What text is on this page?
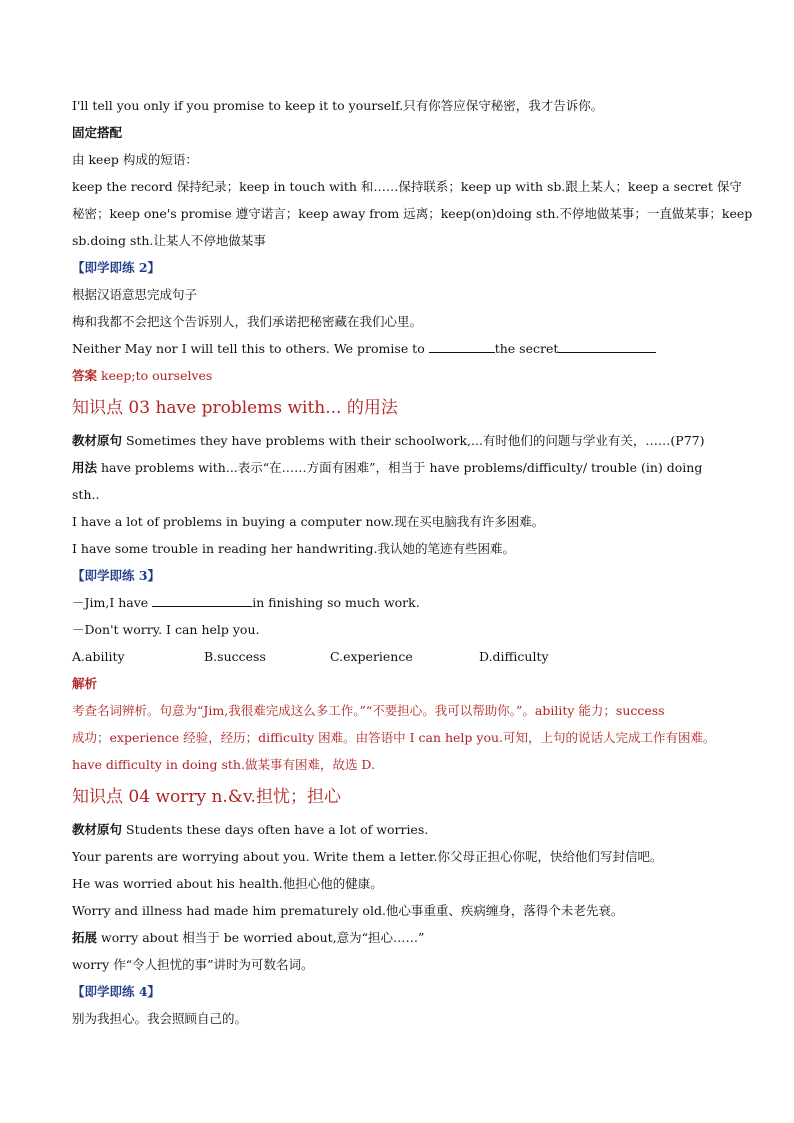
I'll tell you only if you promise to keep it to yourself.只有你答应保守秘密，我才告诉你。
固定搭配
由 keep 构成的短语：
keep the record 保持纪录；keep in touch with 和……保持联系；keep up with sb.跟上某人；keep a secret 保守
秘密；keep one's promise 遵守诺言；keep away from 远离；keep(on)doing sth.不停地做某事；一直做某事；keep
sb.doing sth.让某人不停地做某事
【即学即练 2】
根据汉语意思完成句子
梅和我都不会把这个告诉别人，我们承诺把秘密藏在我们心里。
Neither May nor I will tell this to others. We promise to	the secret
答案 keep;to ourselves
知识点 03 have problems with... 的用法
教材原句 Sometimes they have problems with their schoolwork,...有时他们的问题与学业有关，……(P77)
用法 have problems with...表示“在……方面有困难”，相当于 have problems/difficulty/ trouble (in) doing
sth..
I have a lot of problems in buying a computer now.现在买电脑我有许多困难。
I have some trouble in reading her handwriting.我认她的笔迹有些困难。
【即学即练 3】
－Jim,I have	in finishing so much work.
－Don't worry. I can help you.
A.ability	B.success	C.experience	D.difficulty
解析
考查名词辨析。句意为“Jim,我很难完成这么多工作。”“不要担心。我可以帮助你。”。ability 能力；success
成功；experience 经验，经历；difficulty 困难。由答语中 I can help you.可知，上句的说话人完成工作有困难。
have difficulty in doing sth.做某事有困难，故选 D.
知识点 04 worry n.&v.担忧；担心
教材原句 Students these days often have a lot of worries.
Your parents are worrying about you. Write them a letter.你父母正担心你呢，快给他们写封信吧。
He was worried about his health.他担心他的健康。
Worry and illness had made him prematurely old.他心事重重、疾病缠身，落得个未老先衰。
拓展 worry about 相当于 be worried about,意为“担心……”
worry 作“令人担忧的事”讲时为可数名词。
【即学即练 4】
别为我担心。我会照顾自己的。
